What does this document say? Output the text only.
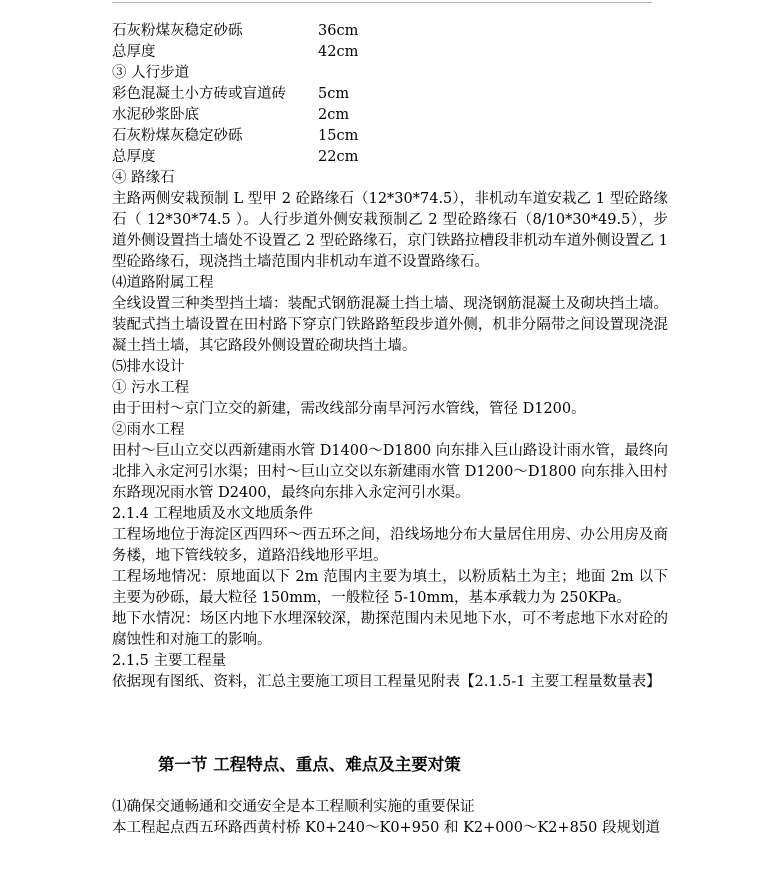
石灰粉煤灰稳定砂砾	36cm
总厚度	42cm
③ 人行步道
彩色混凝土小方砖或盲道砖	5cm
水泥砂浆卧底	2cm
石灰粉煤灰稳定砂砾	15cm
总厚度	22cm
④ 路缘石
主路两侧安栽预制 L 型甲 2 砼路缘石（12*30*74.5），非机动车道安栽乙 1 型砼路缘石（ 12*30*74.5 ）。人行步道外侧安栽预制乙 2 型砼路缘石（8/10*30*49.5），步道外侧设置挡土墙处不设置乙 2 型砼路缘石，京门铁路拉槽段非机动车道外侧设置乙 1 型砼路缘石，现浇挡土墙范围内非机动车道不设置路缘石。
⑷道路附属工程
全线设置三种类型挡土墙：装配式钢筋混凝土挡土墙、现浇钢筋混凝土及砌块挡土墙。装配式挡土墙设置在田村路下穿京门铁路路堑段步道外侧，机非分隔带之间设置现浇混凝土挡土墙，其它路段外侧设置砼砌块挡土墙。
⑸排水设计
① 污水工程
由于田村～京门立交的新建，需改线部分南旱河污水管线，管径 D1200。
②雨水工程
田村～巨山立交以西新建雨水管 D1400～D1800 向东排入巨山路设计雨水管，最终向北排入永定河引水渠；田村～巨山立交以东新建雨水管 D1200～D1800 向东排入田村东路现况雨水管 D2400，最终向东排入永定河引水渠。
2.1.4 工程地质及水文地质条件
工程场地位于海淀区西四环～西五环之间，沿线场地分布大量居住用房、办公用房及商务楼，地下管线较多，道路沿线地形平坦。
工程场地情况：原地面以下 2m 范围内主要为填土，以粉质粘土为主；地面 2m 以下主要为砂砾，最大粒径 150mm，一般粒径 5-10mm，基本承载力为 250KPa。
地下水情况：场区内地下水埋深较深，勘探范围内未见地下水，可不考虑地下水对砼的腐蚀性和对施工的影响。
2.1.5 主要工程量
依据现有图纸、资料，汇总主要施工项目工程量见附表【2.1.5-1 主要工程量数量表】
第一节 工程特点、重点、难点及主要对策
⑴确保交通畅通和交通安全是本工程顺利实施的重要保证
本工程起点西五环路西黄村桥 K0+240～K0+950 和 K2+000～K2+850 段规划道
